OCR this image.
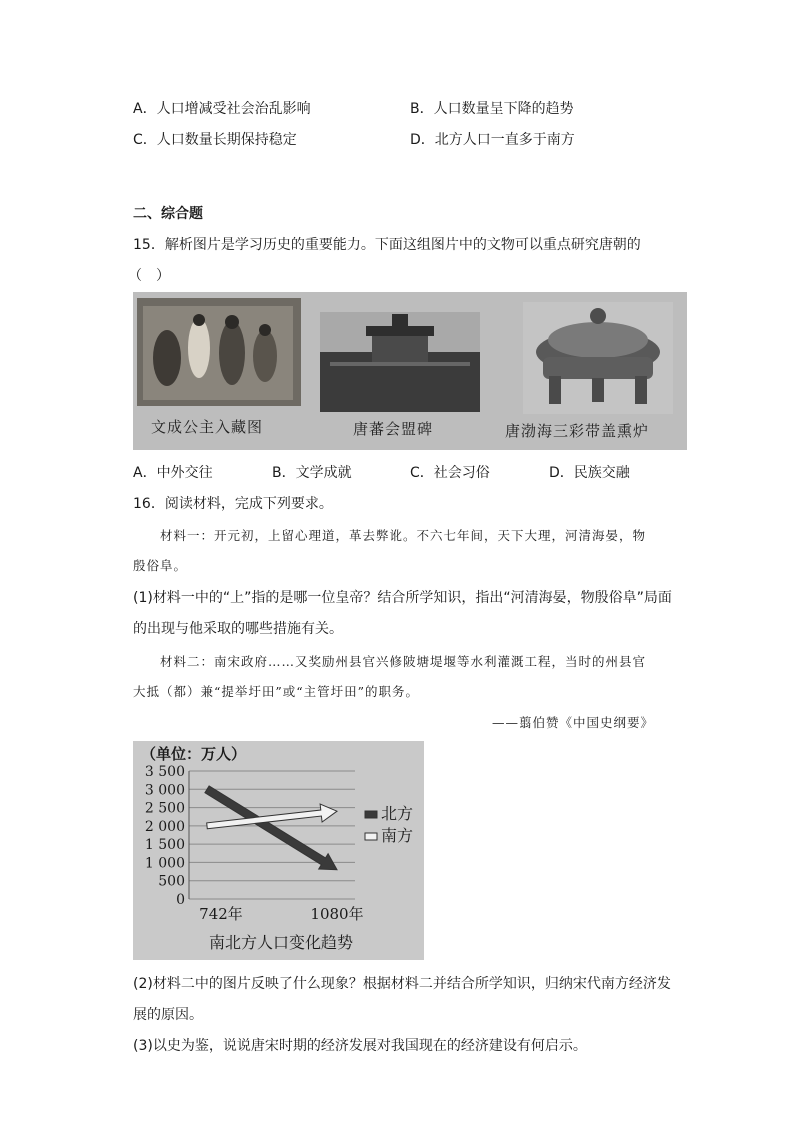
A．人口增减受社会治乱影响	B．人口数量呈下降的趋势
C．人口数量长期保持稳定	D．北方人口一直多于南方
二、综合题
15．解析图片是学习历史的重要能力。下面这组图片中的文物可以重点研究唐朝的
（　）
文成公主入藏图	唐蕃会盟碑	唐渤海三彩带盖熏炉
A．中外交往	B．文学成就	C．社会习俗	D．民族交融
16．阅读材料，完成下列要求。
材料一：开元初，上留心理道，革去弊讹。不六七年间，天下大理，河清海晏，物
殷俗阜。
(1)材料一中的“上”指的是哪一位皇帝？结合所学知识，指出“河清海晏，物殷俗阜”局面
的出现与他采取的哪些措施有关。
材料二：南宋政府……又奖励州县官兴修陂塘堤堰等水利灌溉工程，当时的州县官
大抵（都）兼“提举圩田”或“主管圩田”的职务。
——翦伯赞《中国史纲要》
（单位：万人）
南北方人口变化趋势
3 500
3 000
2 500
2 000
1 500
1 000
500
0
742年	1080年
北方
南方
(2)材料二中的图片反映了什么现象？根据材料二并结合所学知识，归纳宋代南方经济发
展的原因。
(3)以史为鉴，说说唐宋时期的经济发展对我国现在的经济建设有何启示。
